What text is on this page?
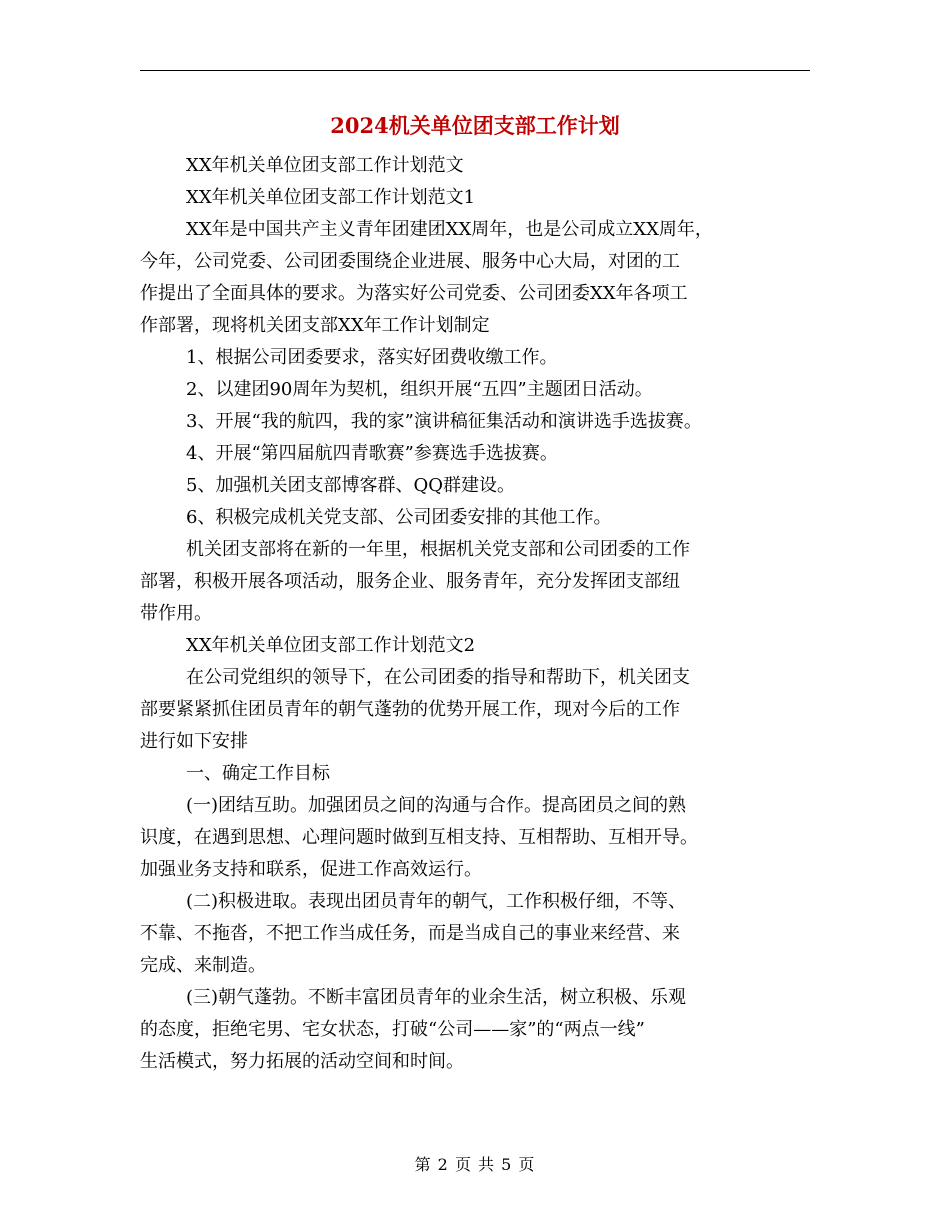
2024机关单位团支部工作计划
XX年机关单位团支部工作计划范文
XX年机关单位团支部工作计划范文1
XX年是中国共产主义青年团建团XX周年，也是公司成立XX周年，
今年，公司党委、公司团委围绕企业进展、服务中心大局，对团的工
作提出了全面具体的要求。为落实好公司党委、公司团委XX年各项工
作部署，现将机关团支部XX年工作计划制定
1、根据公司团委要求，落实好团费收缴工作。
2、以建团90周年为契机，组织开展“五四”主题团日活动。
3、开展“我的航四，我的家”演讲稿征集活动和演讲选手选拔赛。
4、开展“第四届航四青歌赛”参赛选手选拔赛。
5、加强机关团支部博客群、QQ群建设。
6、积极完成机关党支部、公司团委安排的其他工作。
机关团支部将在新的一年里，根据机关党支部和公司团委的工作
部署，积极开展各项活动，服务企业、服务青年，充分发挥团支部纽
带作用。
XX年机关单位团支部工作计划范文2
在公司党组织的领导下，在公司团委的指导和帮助下，机关团支
部要紧紧抓住团员青年的朝气蓬勃的优势开展工作，现对今后的工作
进行如下安排
一、确定工作目标
(一)团结互助。加强团员之间的沟通与合作。提高团员之间的熟
识度，在遇到思想、心理问题时做到互相支持、互相帮助、互相开导。
加强业务支持和联系，促进工作高效运行。
(二)积极进取。表现出团员青年的朝气，工作积极仔细，不等、
不靠、不拖沓，不把工作当成任务，而是当成自己的事业来经营、来
完成、来制造。
(三)朝气蓬勃。不断丰富团员青年的业余生活，树立积极、乐观
的态度，拒绝宅男、宅女状态，打破“公司——家”的“两点一线”
生活模式，努力拓展的活动空间和时间。
第 2 页 共 5 页
